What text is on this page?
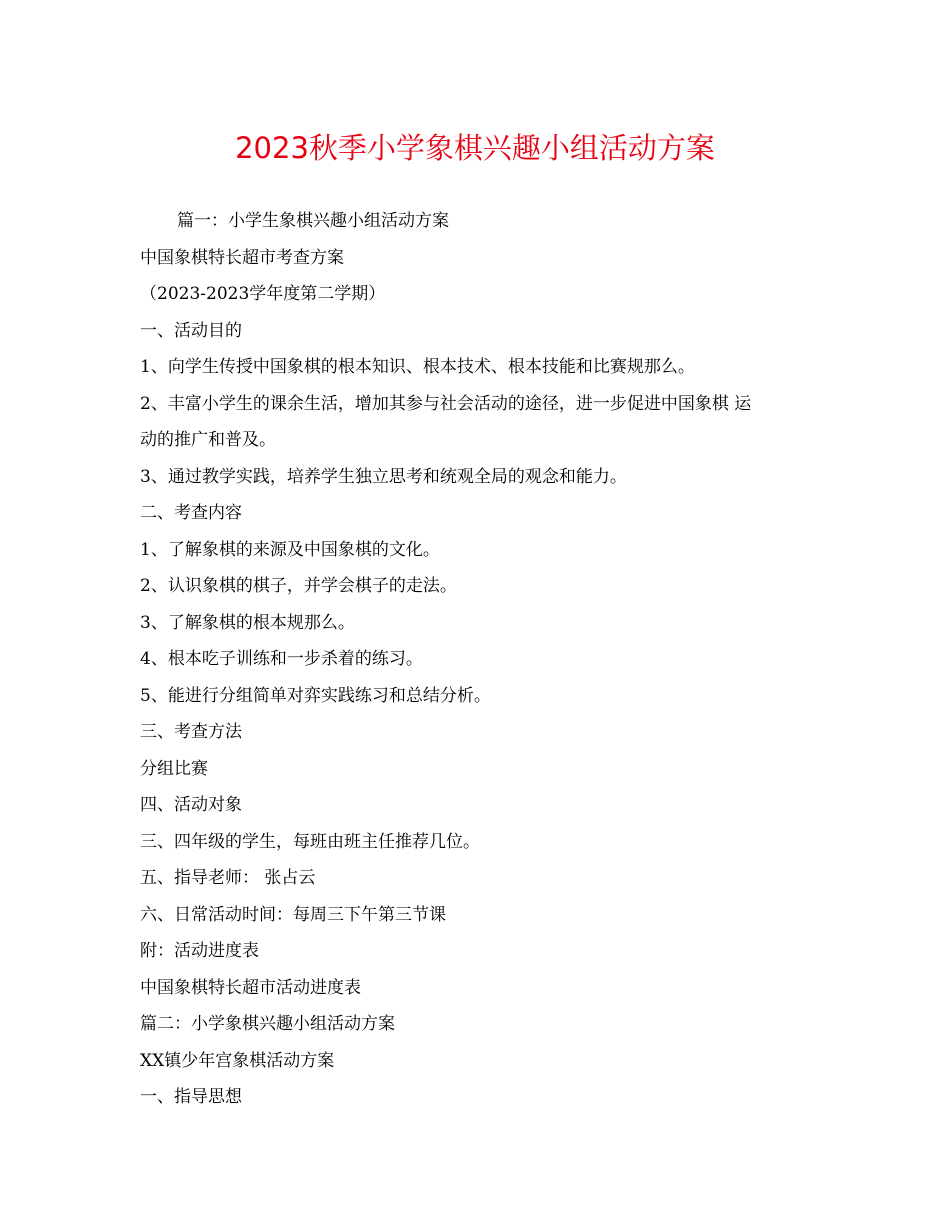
2023秋季小学象棋兴趣小组活动方案

篇一：小学生象棋兴趣小组活动方案

中国象棋特长超市考查方案

（2023-2023学年度第二学期）

一、活动目的

1、向学生传授中国象棋的根本知识、根本技术、根本技能和比赛规那么。

2、丰富小学生的课余生活，增加其参与社会活动的途径，进一步促进中国象棋 运

动的推广和普及。

3、通过教学实践，培养学生独立思考和统观全局的观念和能力。

二、考查内容

1、了解象棋的来源及中国象棋的文化。

2、认识象棋的棋子，并学会棋子的走法。

3、了解象棋的根本规那么。

4、根本吃子训练和一步杀着的练习。

5、能进行分组简单对弈实践练习和总结分析。

三、考查方法

分组比赛

四、活动对象

三、四年级的学生，每班由班主任推荐几位。

五、指导老师： 张占云

六、日常活动时间：每周三下午第三节课

附：活动进度表

中国象棋特长超市活动进度表

篇二：小学象棋兴趣小组活动方案

XX镇少年宫象棋活动方案

一、指导思想
